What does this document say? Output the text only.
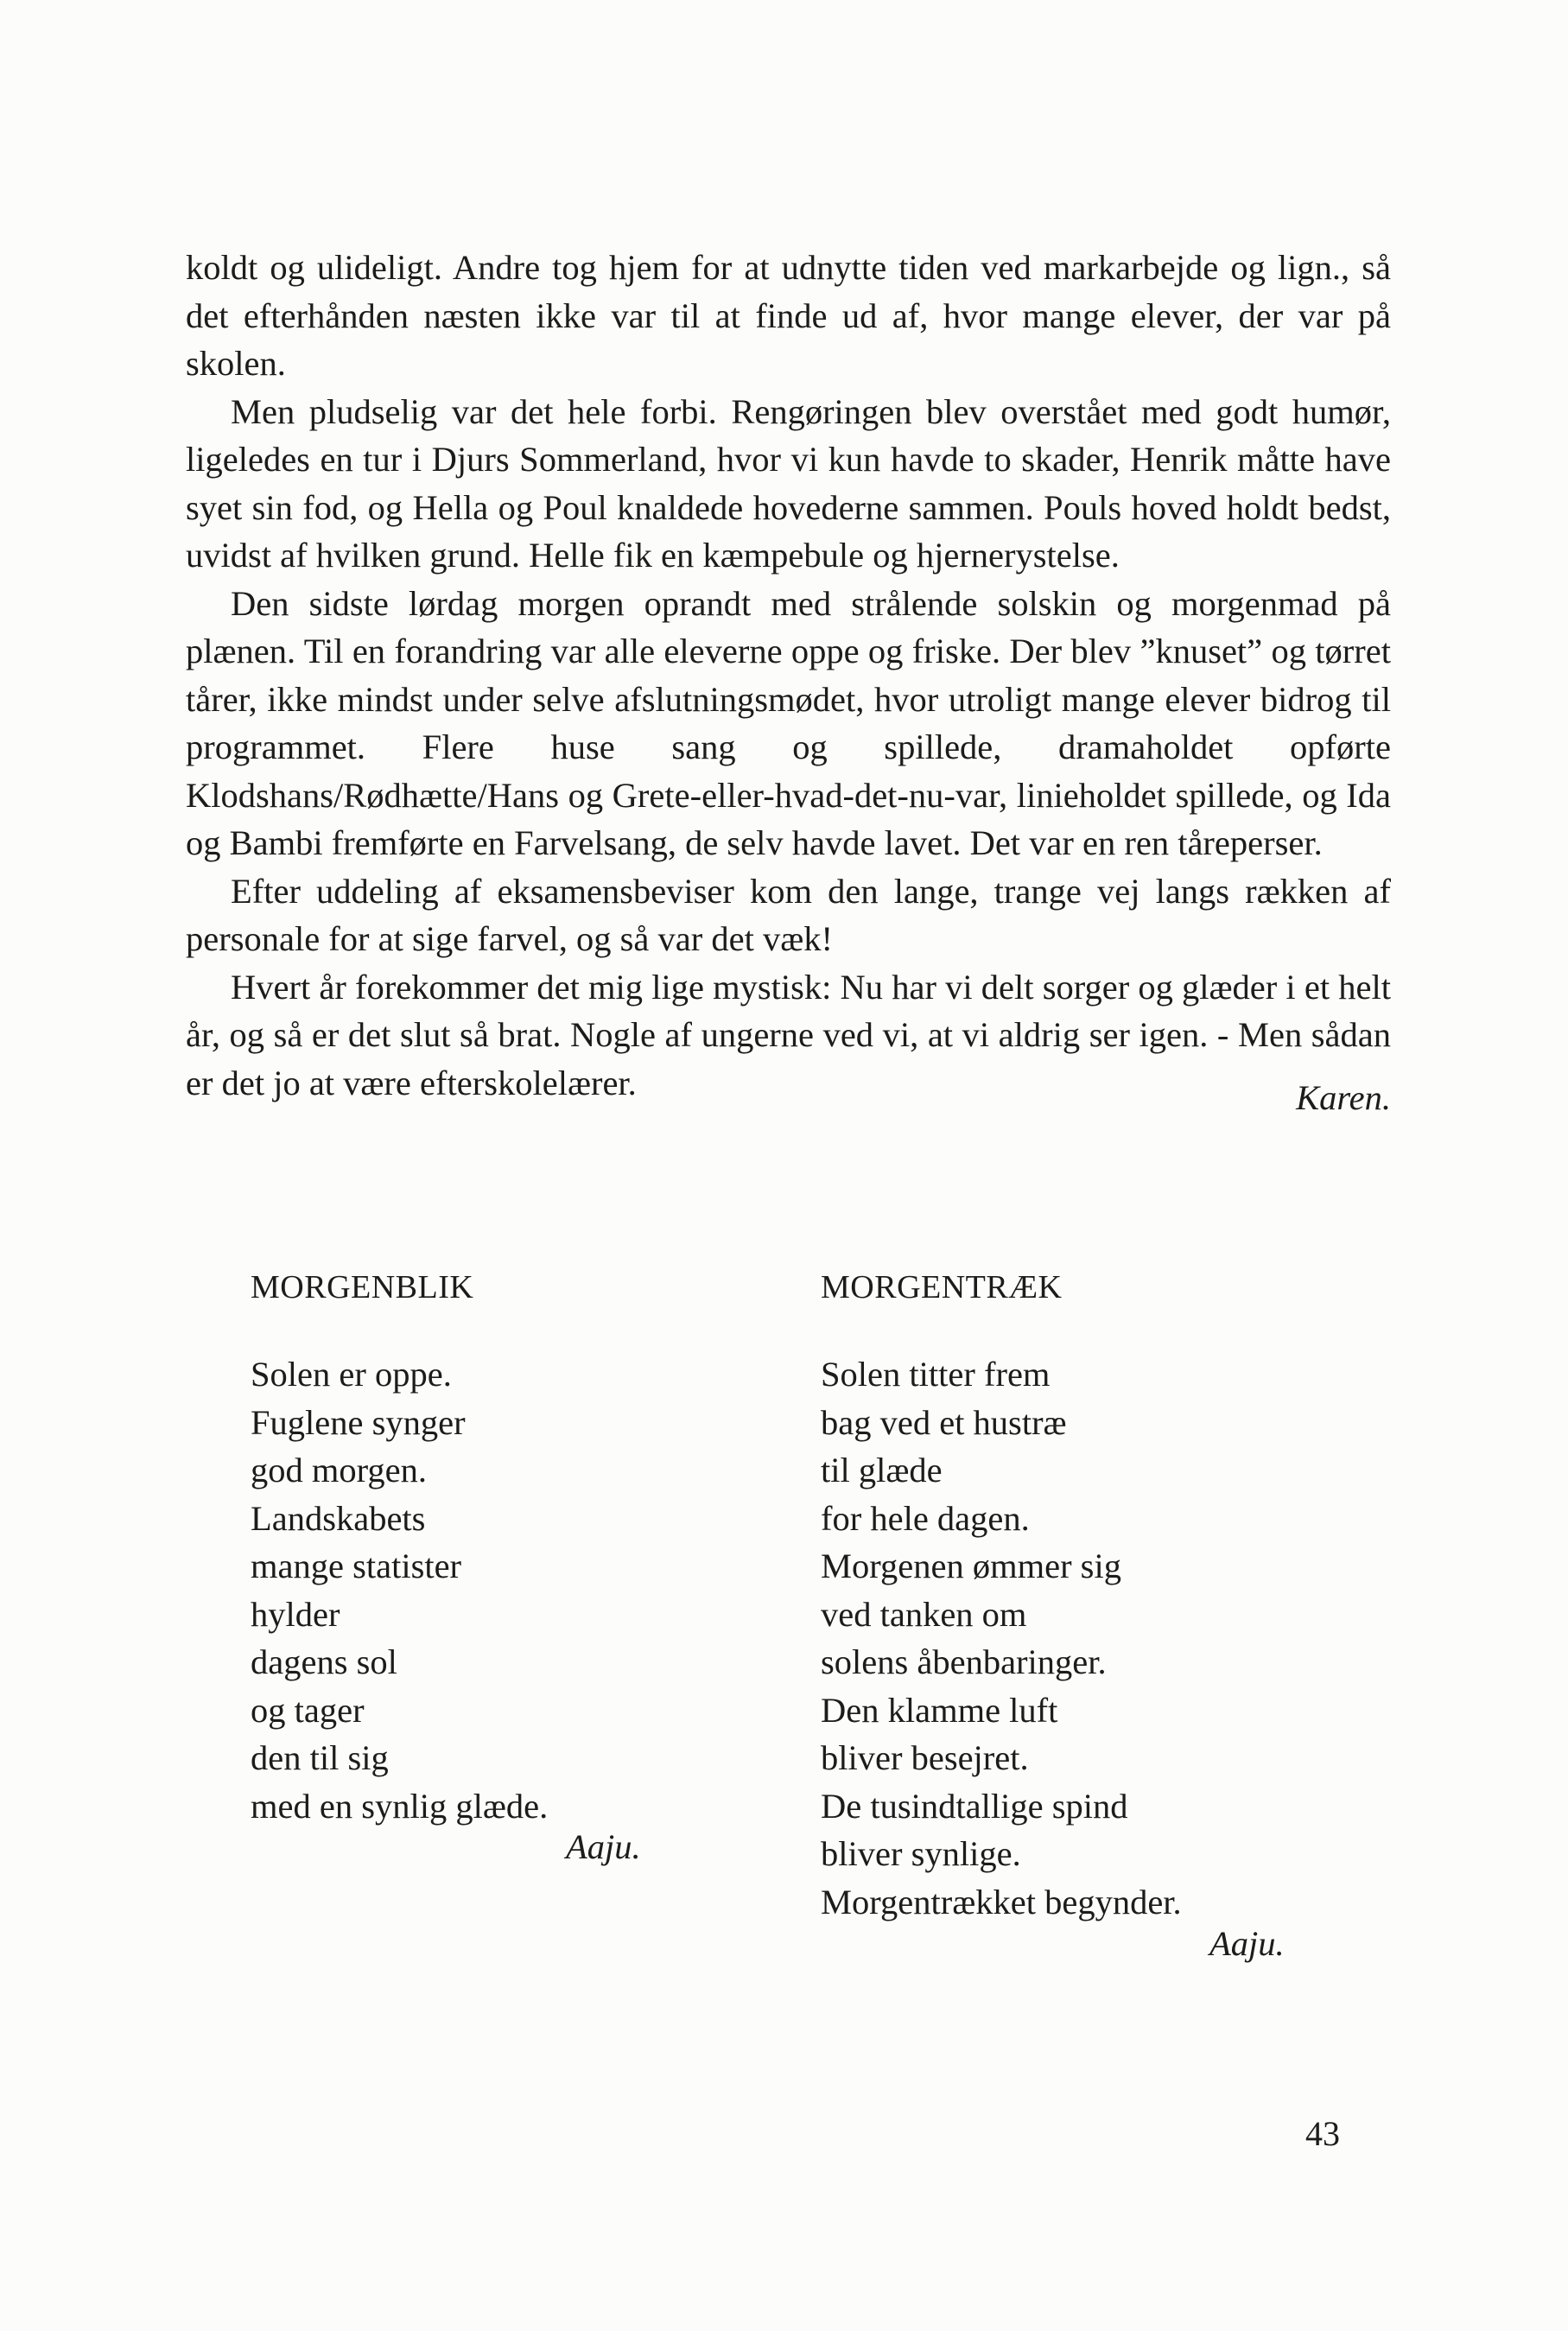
koldt og ulideligt. Andre tog hjem for at udnytte tiden ved markarbejde og lign., så det efterhånden næsten ikke var til at finde ud af, hvor mange elever, der var på skolen.

Men pludselig var det hele forbi. Rengøringen blev overstået med godt humør, ligeledes en tur i Djurs Sommerland, hvor vi kun havde to skader, Henrik måtte have syet sin fod, og Hella og Poul knaldede hovederne sammen. Pouls hoved holdt bedst, uvidst af hvilken grund. Helle fik en kæmpebule og hjernerystelse.

Den sidste lørdag morgen oprandt med strålende solskin og morgenmad på plænen. Til en forandring var alle eleverne oppe og friske. Der blev ”knuset” og tørret tårer, ikke mindst under selve afslutningsmødet, hvor utroligt mange elever bidrog til programmet. Flere huse sang og spillede, dramaholdet opførte Klodshans/Rødhætte/Hans og Grete-eller-hvad-det-nu-var, linieholdet spillede, og Ida og Bambi fremførte en Farvelsang, de selv havde lavet. Det var en ren tåreperser.

Efter uddeling af eksamensbeviser kom den lange, trange vej langs rækken af personale for at sige farvel, og så var det væk!

Hvert år forekommer det mig lige mystisk: Nu har vi delt sorger og glæder i et helt år, og så er det slut så brat. Nogle af ungerne ved vi, at vi aldrig ser igen. - Men sådan er det jo at være efterskolelærer.	Karen.
MORGENBLIK
Solen er oppe.
Fuglene synger
god morgen.
Landskabets
mange statister
hylder
dagens sol
og tager
den til sig
med en synlig glæde.
Aaju.
MORGENTRÆK
Solen titter frem
bag ved et hustræ
til glæde
for hele dagen.
Morgenen ømmer sig
ved tanken om
solens åbenbaringer.
Den klamme luft
bliver besejret.
De tusindtallige spind
bliver synlige.
Morgentrækket begynder.
Aaju.
43
